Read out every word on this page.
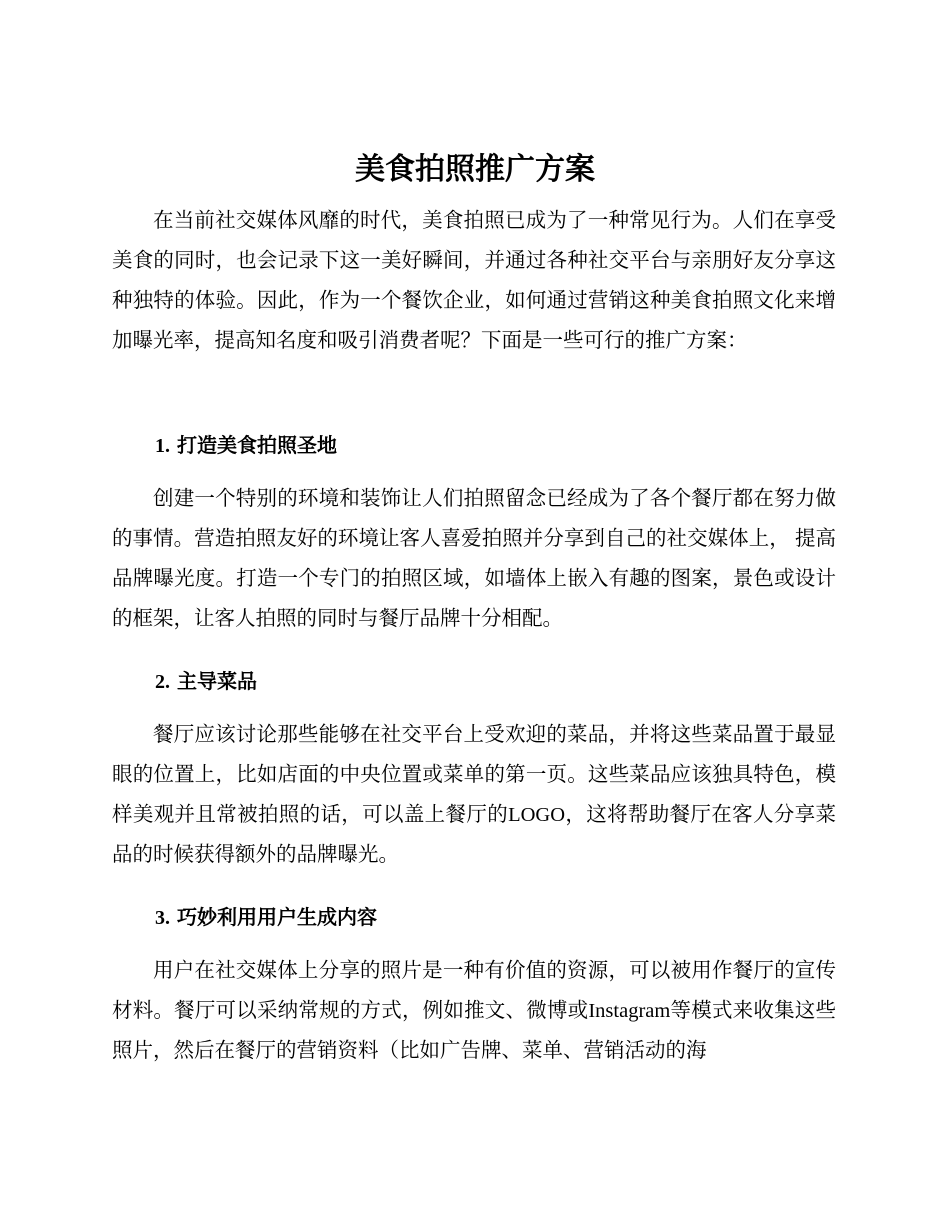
美食拍照推广方案

在当前社交媒体风靡的时代，美食拍照已成为了一种常见行为。人们在享受美食的同时，也会记录下这一美好瞬间，并通过各种社交平台与亲朋好友分享这种独特的体验。因此，作为一个餐饮企业，如何通过营销这种美食拍照文化来增加曝光率，提高知名度和吸引消费者呢？下面是一些可行的推广方案：

1. 打造美食拍照圣地

创建一个特别的环境和装饰让人们拍照留念已经成为了各个餐厅都在努力做的事情。营造拍照友好的环境让客人喜爱拍照并分享到自己的社交媒体上， 提高品牌曝光度。打造一个专门的拍照区域，如墙体上嵌入有趣的图案，景色或设计的框架，让客人拍照的同时与餐厅品牌十分相配。

2. 主导菜品

餐厅应该讨论那些能够在社交平台上受欢迎的菜品，并将这些菜品置于最显眼的位置上，比如店面的中央位置或菜单的第一页。这些菜品应该独具特色，模样美观并且常被拍照的话，可以盖上餐厅的LOGO，这将帮助餐厅在客人分享菜品的时候获得额外的品牌曝光。

3. 巧妙利用用户生成内容

用户在社交媒体上分享的照片是一种有价值的资源，可以被用作餐厅的宣传材料。餐厅可以采纳常规的方式，例如推文、微博或Instagram等模式来收集这些照片，然后在餐厅的营销资料（比如广告牌、菜单、营销活动的海
